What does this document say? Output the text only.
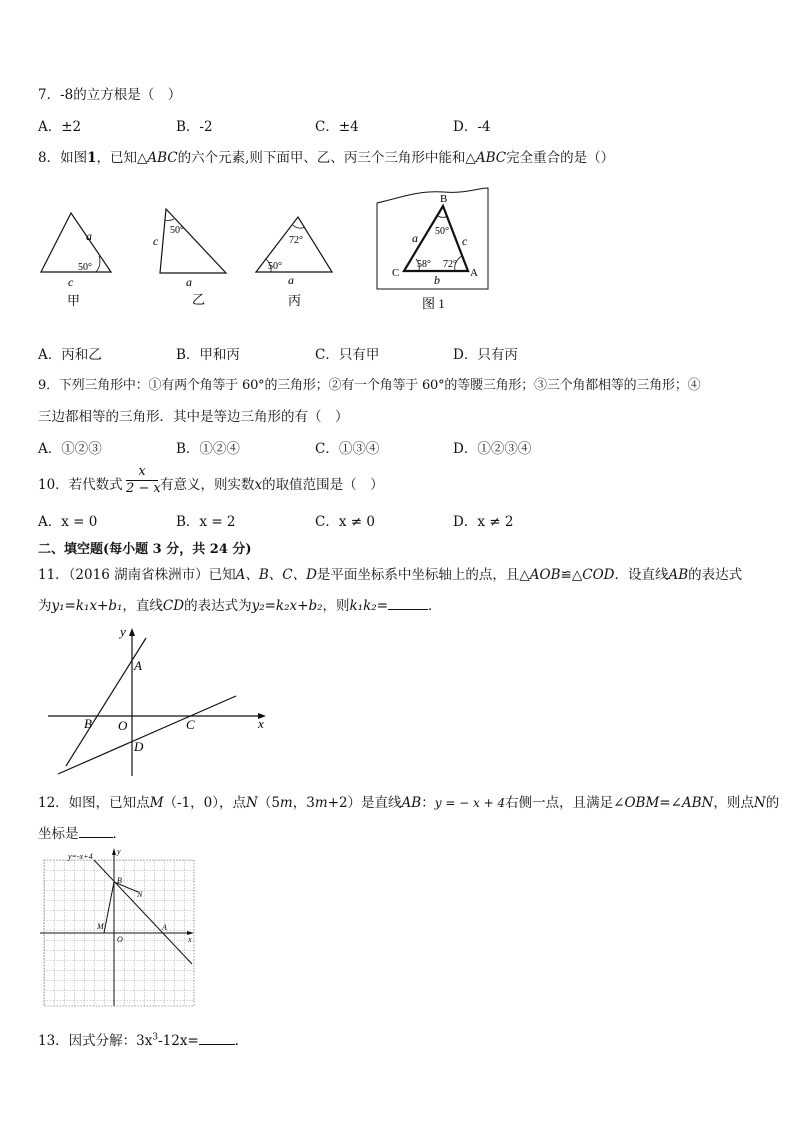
7．-8的立方根是（　）
A．±2	B．-2	C．±4	D．-4
8．如图1，已知△ABC的六个元素,则下面甲、乙、丙三个三角形中能和△ABC完全重合的是（）
a
50°
c
甲
50°
c
a
乙
72°
50°
a
丙
B
C	A
a	c
b
50°
58° 72°
图 1
A．丙和乙	B．甲和丙	C．只有甲	D．只有丙
9．下列三角形中：①有两个角等于 60°的三角形；②有一个角等于 60°的等腰三角形；③三个角都相等的三角形；④
三边都相等的三角形．其中是等边三角形的有（　）
A．①②③	B．①②④	C．①③④	D．①②③④
10．若代数式 $\frac{x}{2 - x}$ 有意义，则实数x的取值范围是（　）
A．x = 0	B．x = 2	C．x ≠ 0	D．x ≠ 2
二、填空题(每小题 3 分，共 24 分)
11．（2016 湖南省株洲市）已知A、B、C、D是平面坐标系中坐标轴上的点，且△AOB≌△COD．设直线AB的表达式
为y₁=k₁x+b₁，直线CD的表达式为y₂=k₂x+b₂，则k₁k₂=	．
y
x
A
B O	C
D
12．如图，已知点M（-1，0），点N（5m，3m+2）是直线AB：y = − x + 4右侧一点，且满足∠OBM=∠ABN，则点N的
坐标是	．
y=-x+4
y
x
B
N
M
O
A
13．因式分解：$3x^3-12x=$	．
